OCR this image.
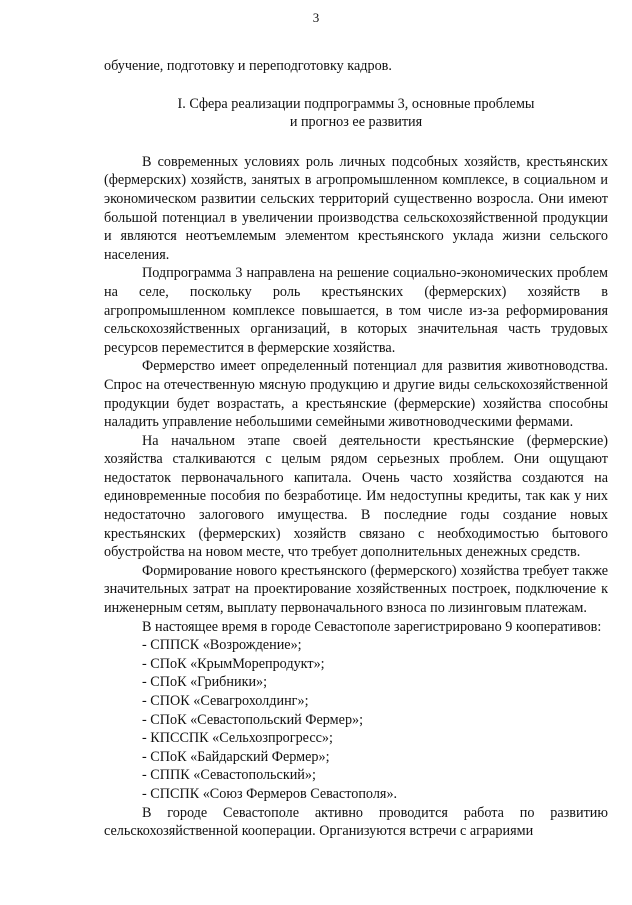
3

обучение, подготовку и переподготовку кадров.

I. Сфера реализации подпрограммы 3, основные проблемы
и прогноз ее развития

В современных условиях роль личных подсобных хозяйств, крестьянских (фермерских) хозяйств, занятых в агропромышленном комплексе, в социальном и экономическом развитии сельских территорий существенно возросла. Они имеют большой потенциал в увеличении производства сельскохозяйственной продукции и являются неотъемлемым элементом крестьянского уклада жизни сельского населения.

Подпрограмма 3 направлена на решение социально-экономических проблем на селе, поскольку роль крестьянских (фермерских) хозяйств в агропромышленном комплексе повышается, в том числе из-за реформирования сельскохозяйственных организаций, в которых значительная часть трудовых ресурсов переместится в фермерские хозяйства.

Фермерство имеет определенный потенциал для развития животноводства. Спрос на отечественную мясную продукцию и другие виды сельскохозяйственной продукции будет возрастать, а крестьянские (фермерские) хозяйства способны наладить управление небольшими семейными животноводческими фермами.

На начальном этапе своей деятельности крестьянские (фермерские) хозяйства сталкиваются с целым рядом серьезных проблем. Они ощущают недостаток первоначального капитала. Очень часто хозяйства создаются на единовременные пособия по безработице. Им недоступны кредиты, так как у них недостаточно залогового имущества. В последние годы создание новых крестьянских (фермерских) хозяйств связано с необходимостью бытового обустройства на новом месте, что требует дополнительных денежных средств.

Формирование нового крестьянского (фермерского) хозяйства требует также значительных затрат на проектирование хозяйственных построек, подключение к инженерным сетям, выплату первоначального взноса по лизинговым платежам.

В настоящее время в городе Севастополе зарегистрировано 9 кооперативов:

- СППСК «Возрождение»;
- СПоК «КрымМорепродукт»;
- СПоК «Грибники»;
- СПОК «Севагрохолдинг»;
- СПоК «Севастопольский Фермер»;
- КПССПК «Сельхозпрогресс»;
- СПоК «Байдарский Фермер»;
- СППК «Севастопольский»;
- СПСПК «Союз Фермеров Севастополя».

В городе Севастополе активно проводится работа по развитию сельскохозяйственной кооперации. Организуются встречи с аграриями
